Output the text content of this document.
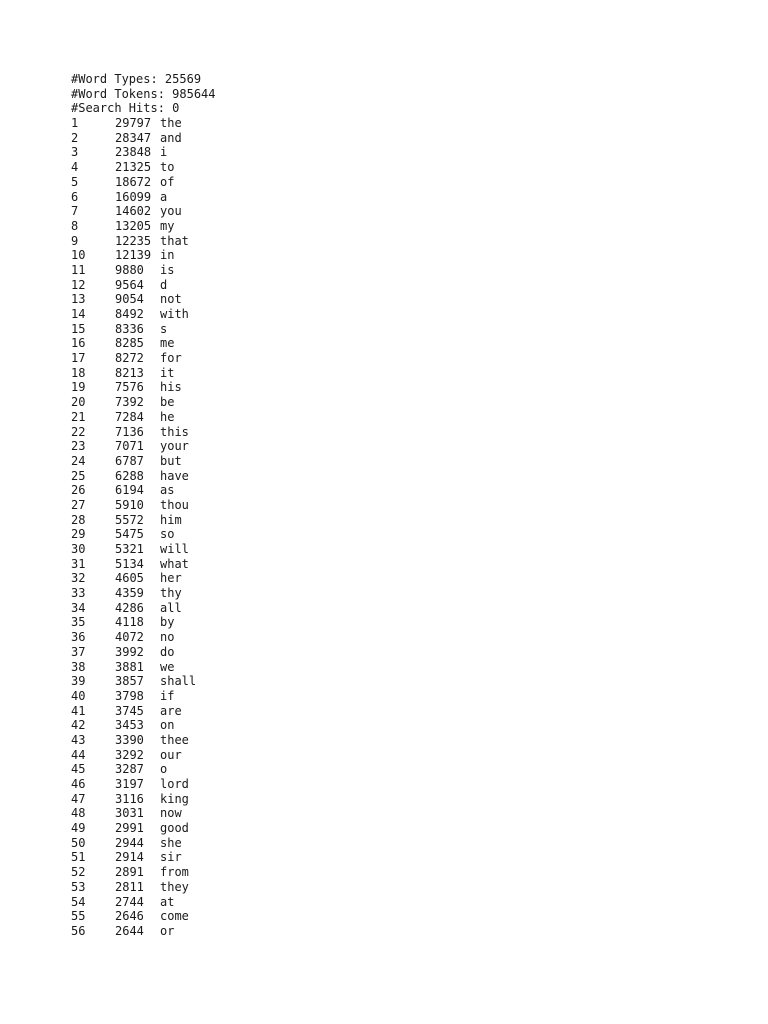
#Word Types: 25569
#Word Tokens: 985644
#Search Hits: 0
1	29797 the
2	28347 and
3	23848 i
4	21325 to
5	18672 of
6	16099 a
7	14602 you
8	13205 my
9	12235 that
10	12139 in
11	9880	is
12	9564	d
13	9054	not
14	8492	with
15	8336	s
16	8285	me
17	8272	for
18	8213	it
19	7576	his
20	7392	be
21	7284	he
22	7136	this
23	7071	your
24	6787	but
25	6288	have
26	6194	as
27	5910	thou
28	5572	him
29	5475	so
30	5321	will
31	5134	what
32	4605	her
33	4359	thy
34	4286	all
35	4118	by
36	4072	no
37	3992	do
38	3881	we
39	3857	shall
40	3798	if
41	3745	are
42	3453	on
43	3390	thee
44	3292	our
45	3287	o
46	3197	lord
47	3116	king
48	3031	now
49	2991	good
50	2944	she
51	2914	sir
52	2891	from
53	2811	they
54	2744	at
55	2646	come
56	2644	or
